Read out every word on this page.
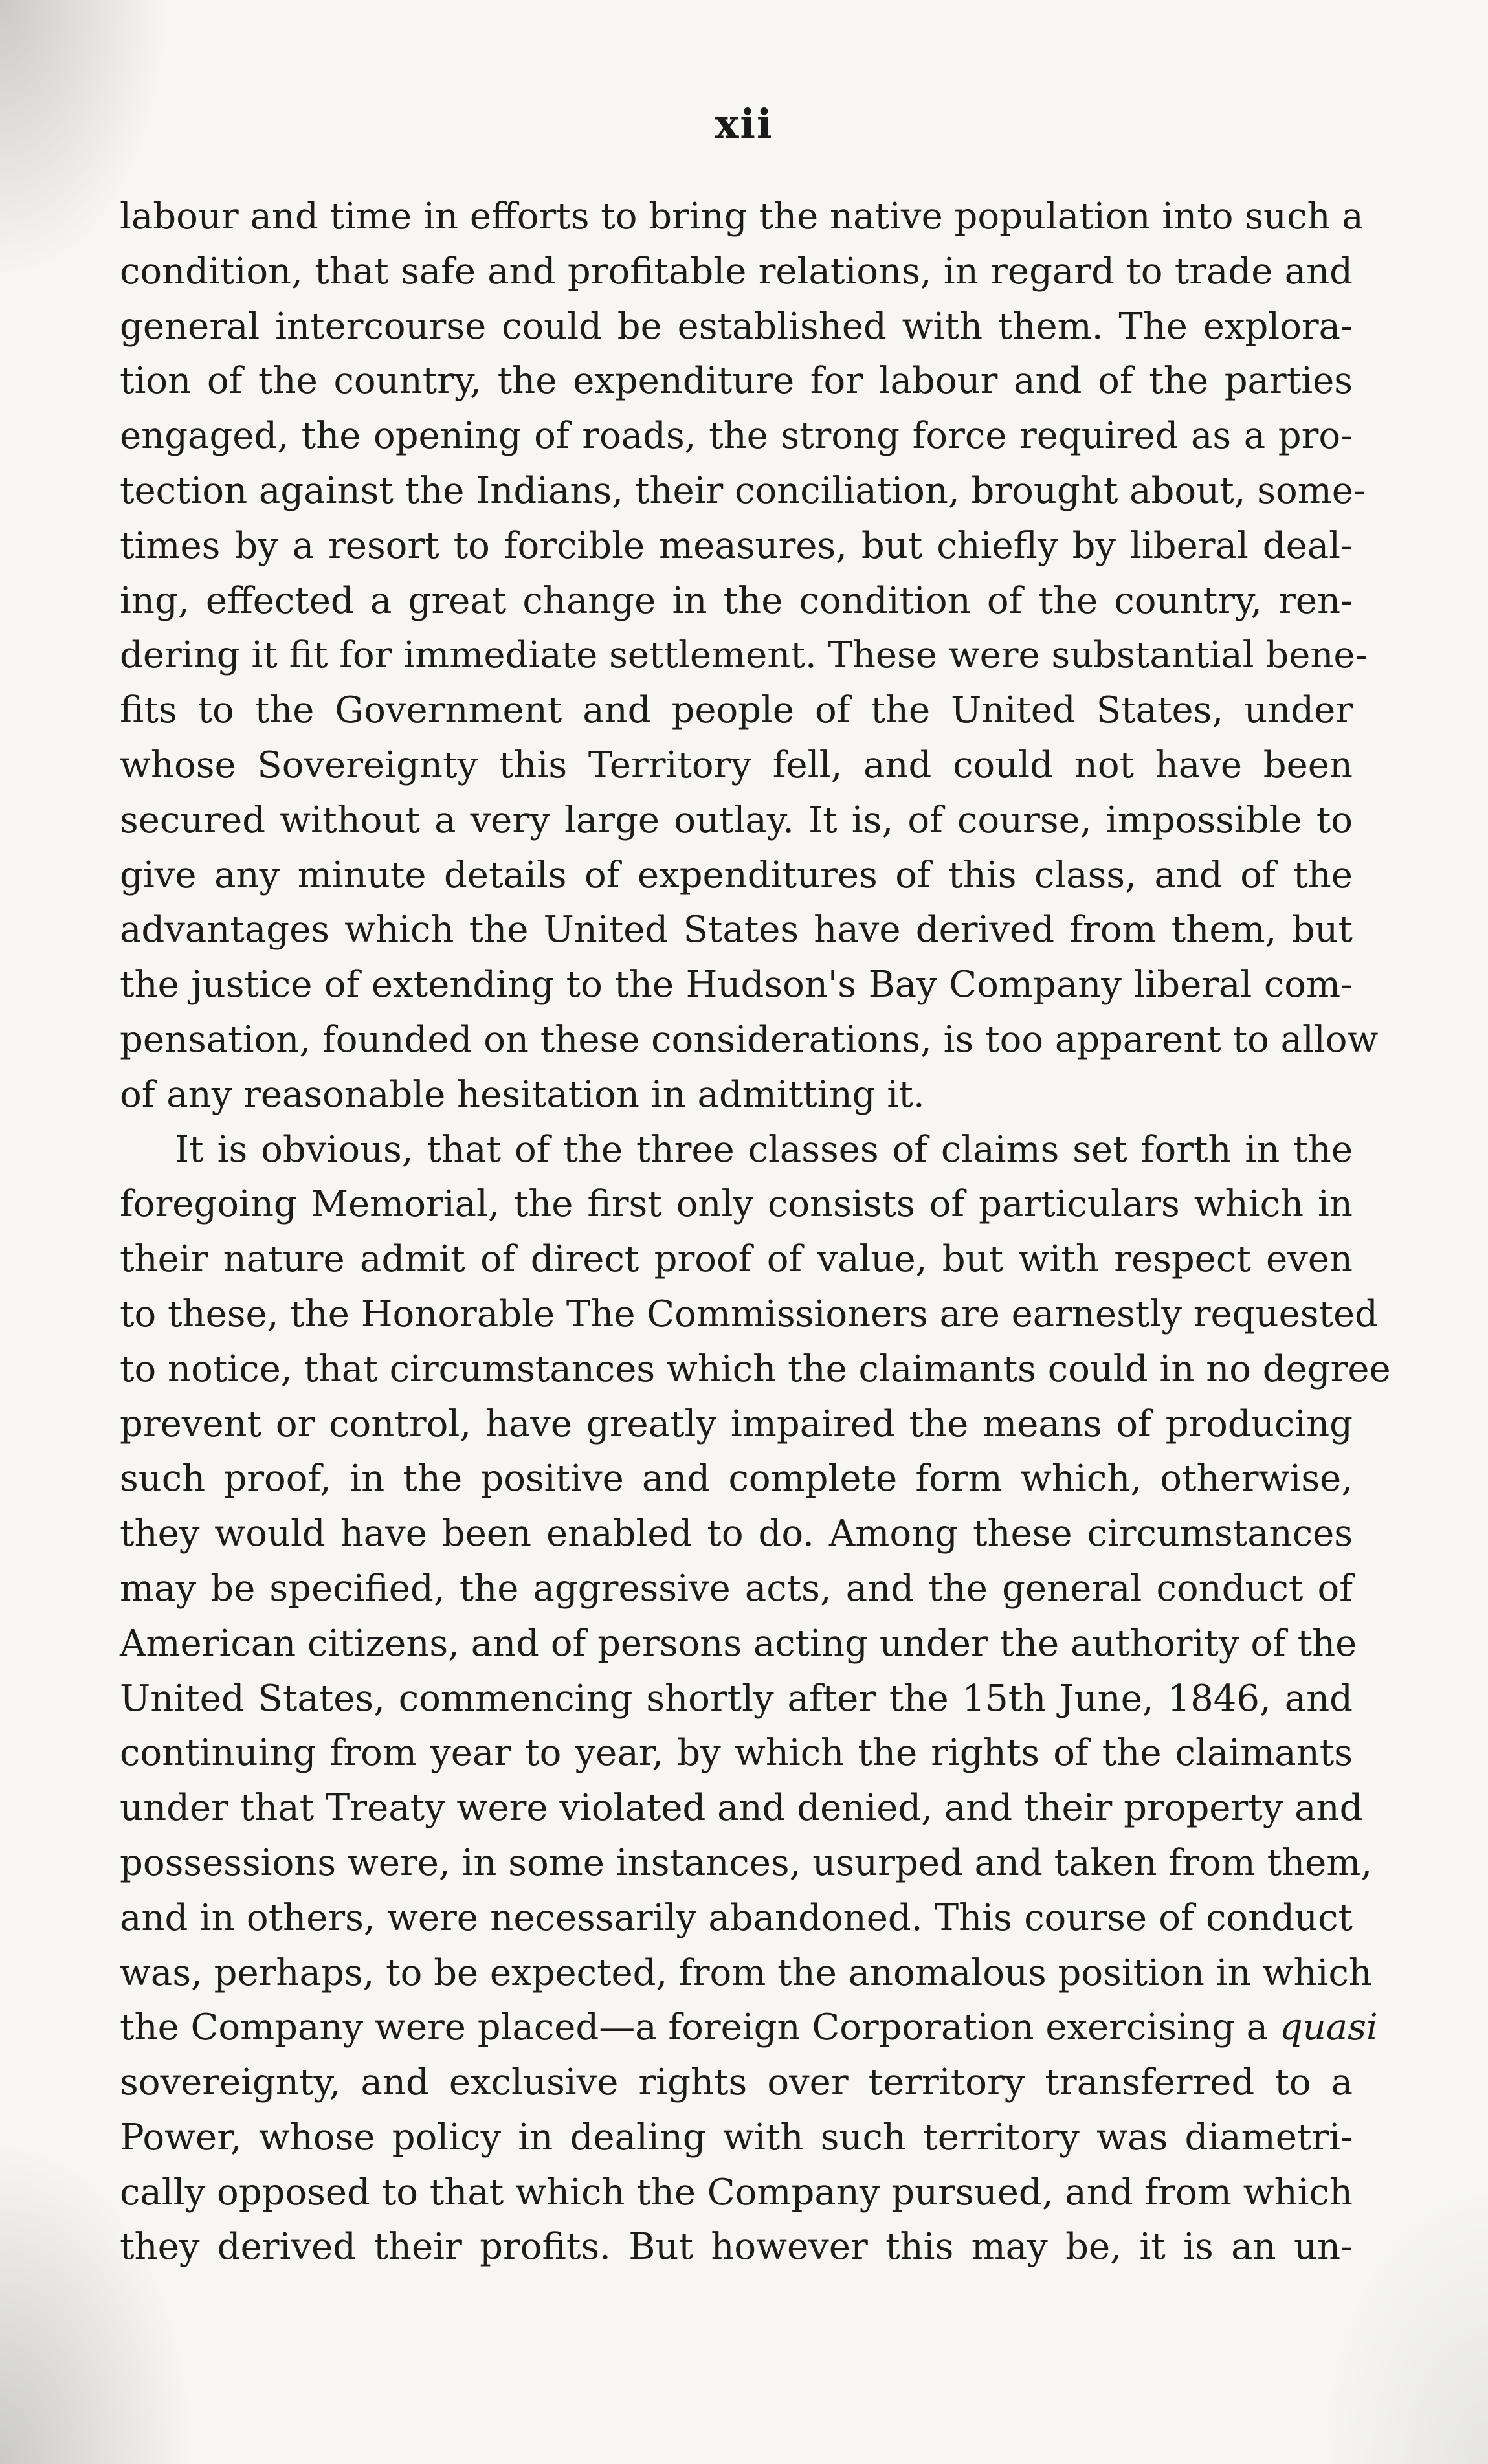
xii
labour and time in efforts to bring the native population into such a
condition, that safe and profitable relations, in regard to trade and
general intercourse could be established with them. The explora-
tion of the country, the expenditure for labour and of the parties
engaged, the opening of roads, the strong force required as a pro-
tection against the Indians, their conciliation, brought about, some-
times by a resort to forcible measures, but chiefly by liberal deal-
ing, effected a great change in the condition of the country, ren-
dering it fit for immediate settlement. These were substantial bene-
fits to the Government and people of the United States, under
whose Sovereignty this Territory fell, and could not have been
secured without a very large outlay. It is, of course, impossible to
give any minute details of expenditures of this class, and of the
advantages which the United States have derived from them, but
the justice of extending to the Hudson's Bay Company liberal com-
pensation, founded on these considerations, is too apparent to allow
of any reasonable hesitation in admitting it.
It is obvious, that of the three classes of claims set forth in the
foregoing Memorial, the first only consists of particulars which in
their nature admit of direct proof of value, but with respect even
to these, the Honorable The Commissioners are earnestly requested
to notice, that circumstances which the claimants could in no degree
prevent or control, have greatly impaired the means of producing
such proof, in the positive and complete form which, otherwise,
they would have been enabled to do. Among these circumstances
may be specified, the aggressive acts, and the general conduct of
American citizens, and of persons acting under the authority of the
United States, commencing shortly after the 15th June, 1846, and
continuing from year to year, by which the rights of the claimants
under that Treaty were violated and denied, and their property and
possessions were, in some instances, usurped and taken from them,
and in others, were necessarily abandoned. This course of conduct
was, perhaps, to be expected, from the anomalous position in which
the Company were placed—a foreign Corporation exercising a quasi
sovereignty, and exclusive rights over territory transferred to a
Power, whose policy in dealing with such territory was diametri-
cally opposed to that which the Company pursued, and from which
they derived their profits. But however this may be, it is an un-
